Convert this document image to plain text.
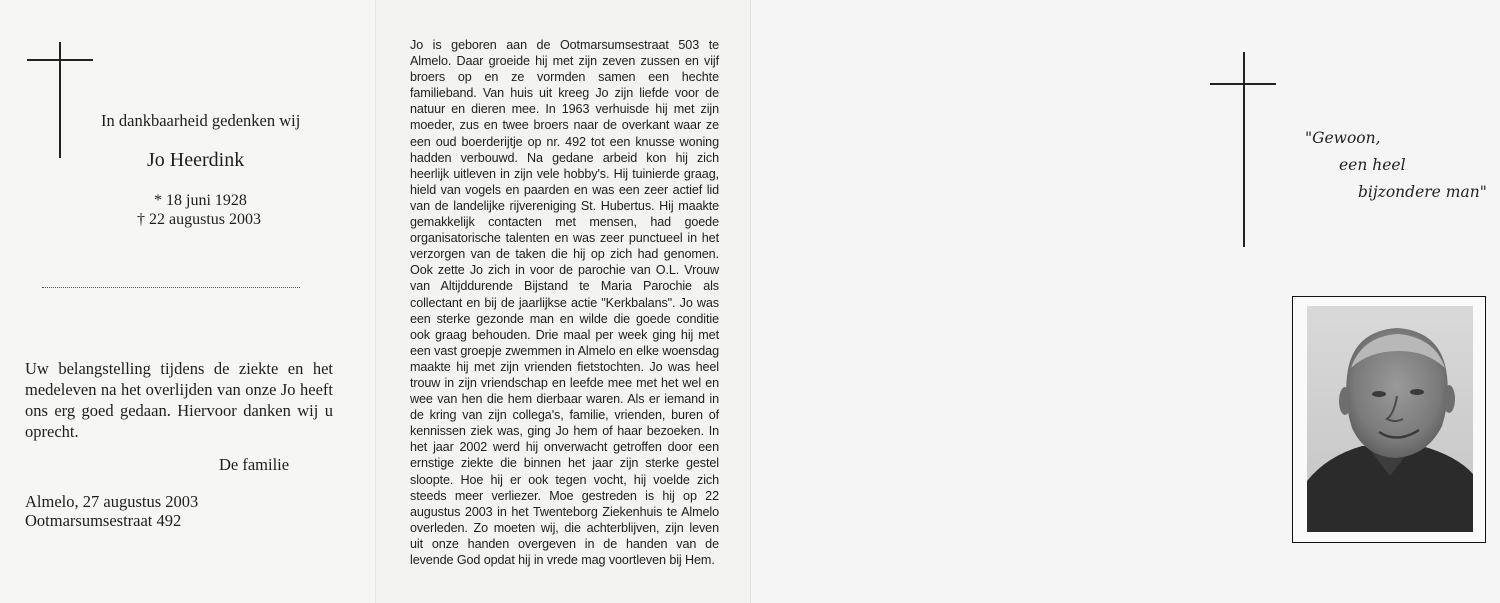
In dankbaarheid gedenken wij
Jo Heerdink
* 18 juni 1928
† 22 augustus 2003
Uw belangstelling tijdens de ziekte en het medeleven na het overlijden van onze Jo heeft ons erg goed gedaan. Hiervoor danken wij u oprecht.
De familie
Almelo, 27 augustus 2003
Ootmarsumsestraat 492
Jo is geboren aan de Ootmarsumsestraat 503 te Almelo. Daar groeide hij met zijn zeven zussen en vijf broers op en ze vormden samen een hechte familieband. Van huis uit kreeg Jo zijn liefde voor de natuur en dieren mee. In 1963 verhuisde hij met zijn moeder, zus en twee broers naar de overkant waar ze een oud boerderijtje op nr. 492 tot een knusse woning hadden verbouwd. Na gedane arbeid kon hij zich heerlijk uitleven in zijn vele hobby's. Hij tuinierde graag, hield van vogels en paarden en was een zeer actief lid van de landelijke rijvereniging St. Hubertus. Hij maakte gemakkelijk contacten met mensen, had goede organisatorische talenten en was zeer punctueel in het verzorgen van de taken die hij op zich had genomen. Ook zette Jo zich in voor de parochie van O.L. Vrouw van Altijddurende Bijstand te Maria Parochie als collectant en bij de jaarlijkse actie "Kerkbalans". Jo was een sterke gezonde man en wilde die goede conditie ook graag behouden. Drie maal per week ging hij met een vast groepje zwemmen in Almelo en elke woensdag maakte hij met zijn vrienden fietstochten. Jo was heel trouw in zijn vriendschap en leefde mee met het wel en wee van hen die hem dierbaar waren. Als er iemand in de kring van zijn collega's, familie, vrienden, buren of kennissen ziek was, ging Jo hem of haar bezoeken. In het jaar 2002 werd hij onverwacht getroffen door een ernstige ziekte die binnen het jaar zijn sterke gestel sloopte. Hoe hij er ook tegen vocht, hij voelde zich steeds meer verliezer. Moe gestreden is hij op 22 augustus 2003 in het Twenteborg Ziekenhuis te Almelo overleden. Zo moeten wij, die achterblijven, zijn leven uit onze handen overgeven in de handen van de levende God opdat hij in vrede mag voortleven bij Hem.
"Gewoon,
een heel
bijzondere man"
